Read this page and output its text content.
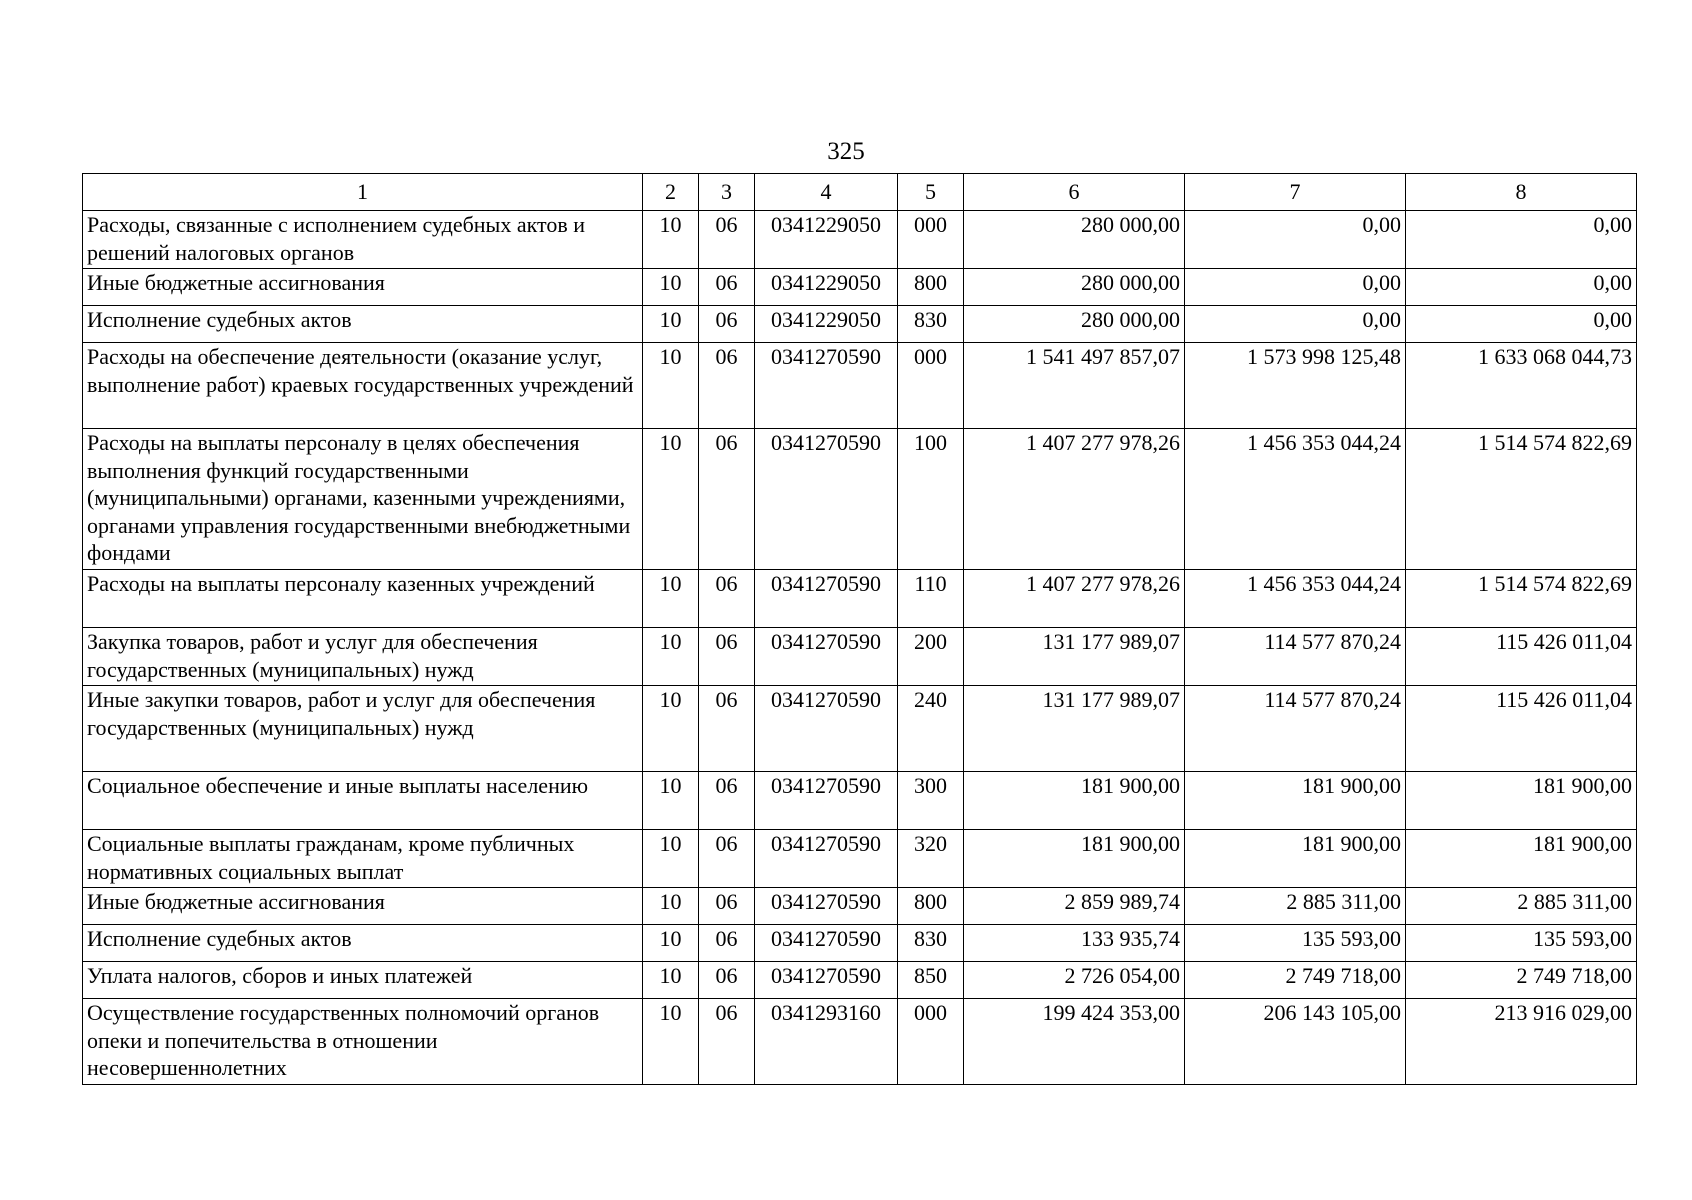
325
1	2	3	4	5	6	7	8
Расходы, связанные с исполнением судебных актов и решений налоговых органов	10	06	0341229050	000	280 000,00	0,00	0,00
Иные бюджетные ассигнования	10	06	0341229050	800	280 000,00	0,00	0,00
Исполнение судебных актов	10	06	0341229050	830	280 000,00	0,00	0,00
Расходы на обеспечение деятельности (оказание услуг, выполнение работ) краевых государственных учреждений	10	06	0341270590	000	1 541 497 857,07	1 573 998 125,48	1 633 068 044,73
Расходы на выплаты персоналу в целях обеспечения выполнения функций государственными (муниципальными) органами, казенными учреждениями, органами управления государственными внебюджетными фондами	10	06	0341270590	100	1 407 277 978,26	1 456 353 044,24	1 514 574 822,69
Расходы на выплаты персоналу казенных учреждений	10	06	0341270590	110	1 407 277 978,26	1 456 353 044,24	1 514 574 822,69
Закупка товаров, работ и услуг для обеспечения государственных (муниципальных) нужд	10	06	0341270590	200	131 177 989,07	114 577 870,24	115 426 011,04
Иные закупки товаров, работ и услуг для обеспечения государственных (муниципальных) нужд	10	06	0341270590	240	131 177 989,07	114 577 870,24	115 426 011,04
Социальное обеспечение и иные выплаты населению	10	06	0341270590	300	181 900,00	181 900,00	181 900,00
Социальные выплаты гражданам, кроме публичных нормативных социальных выплат	10	06	0341270590	320	181 900,00	181 900,00	181 900,00
Иные бюджетные ассигнования	10	06	0341270590	800	2 859 989,74	2 885 311,00	2 885 311,00
Исполнение судебных актов	10	06	0341270590	830	133 935,74	135 593,00	135 593,00
Уплата налогов, сборов и иных платежей	10	06	0341270590	850	2 726 054,00	2 749 718,00	2 749 718,00
Осуществление государственных полномочий органов опеки и попечительства в отношении несовершеннолетних	10	06	0341293160	000	199 424 353,00	206 143 105,00	213 916 029,00
